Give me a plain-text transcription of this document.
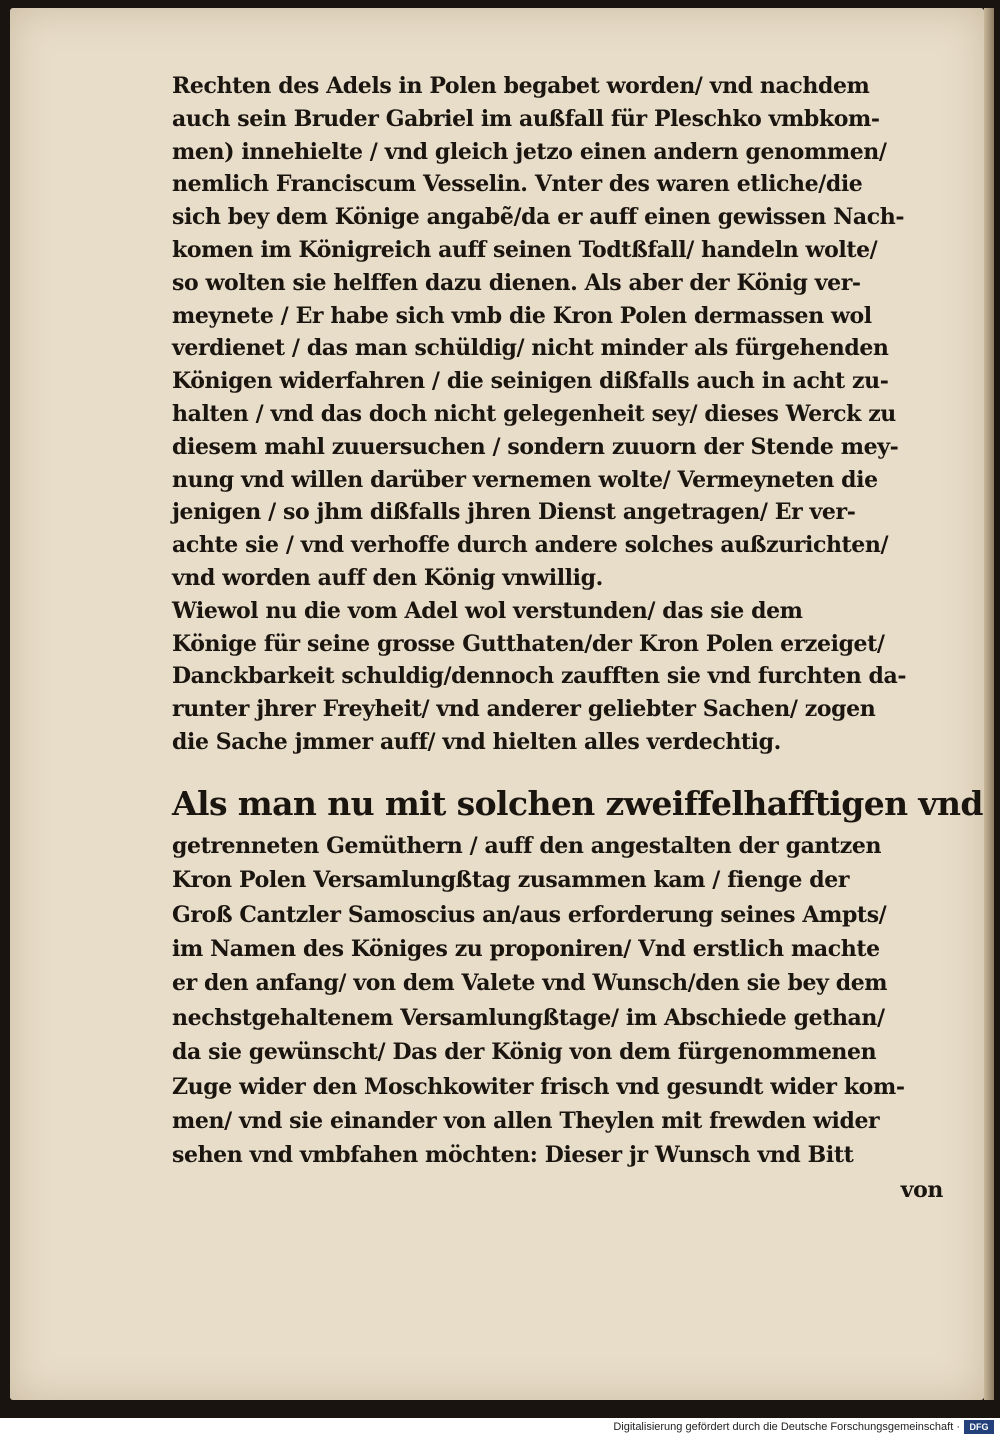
Rechten des Adels in Polen begabet worden/ vnd nachdem

auch sein Bruder Gabriel im außfall für Pleschko vmbkom‑

men) innehielte / vnd gleich jetzo einen andern genommen/

nemlich Franciscum Vesselin. Vnter des waren etliche/die

sich bey dem Könige angabẽ/da er auff einen gewissen Nach‑

komen im Königreich auff seinen Todtßfall/ handeln wolte/

so wolten sie helffen dazu dienen. Als aber der König ver‑

meynete / Er habe sich vmb die Kron Polen dermassen wol

verdienet / das man schüldig/ nicht minder als fürgehenden

Königen widerfahren / die seinigen dißfalls auch in acht zu‑

halten / vnd das doch nicht gelegenheit sey/ dieses Werck zu

diesem mahl zuuersuchen / sondern zuuorn der Stende mey‑

nung vnd willen darüber vernemen wolte/ Vermeyneten die

jenigen / so jhm dißfalls jhren Dienst angetragen/ Er ver‑

achte sie / vnd verhoffe durch andere solches außzurichten/

vnd worden auff den König vnwillig.

Wiewol nu die vom Adel wol verstunden/ das sie dem

Könige für seine grosse Gutthaten/der Kron Polen erzeiget/

Danckbarkeit schuldig/dennoch zaufften sie vnd furchten da‑

runter jhrer Freyheit/ vnd anderer geliebter Sachen/ zogen

die Sache jmmer auff/ vnd hielten alles verdechtig.

Als man nu mit solchen zweiffelhafftigen vnd

getrenneten Gemüthern / auff den angestalten der gantzen

Kron Polen Versamlungßtag zusammen kam / fienge der

Groß Cantzler Samoscius an/aus erforderung seines Ampts/

im Namen des Königes zu proponiren/ Vnd erstlich machte

er den anfang/ von dem Valete vnd Wunsch/den sie bey dem

nechstgehaltenem Versamlungßtage/ im Abschiede gethan/

da sie gewünscht/ Das der König von dem fürgenommenen

Zuge wider den Moschkowiter frisch vnd gesundt wider kom‑

men/ vnd sie einander von allen Theylen mit frewden wider

sehen vnd vmbfahen möchten: Dieser jr Wunsch vnd Bitt

von

Digitalisierung gefördert durch die Deutsche Forschungsgemeinschaft ·	DFG
